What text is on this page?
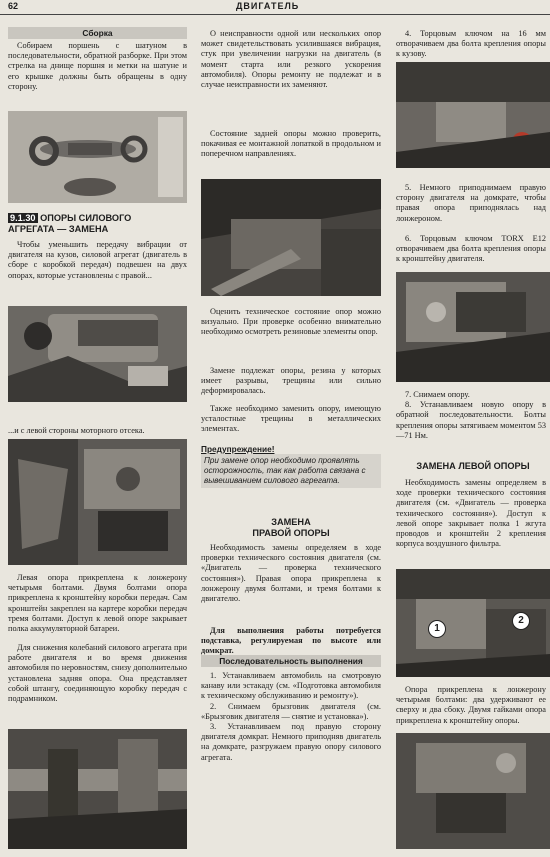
62	ДВИГАТЕЛЬ
Сборка

Собираем поршень с шатуном в последовательности, обратной разборке. При этом стрелка на днище поршня и метки на шатуне и его крышке должны быть обращены в одну сторону.

9.1.30 ОПОРЫ СИЛОВОГО
АГРЕГАТА — ЗАМЕНА

Чтобы уменьшить передачу вибрации от двигателя на кузов, силовой агрегат (двигатель в сборе с коробкой передач) подвешен на двух опорах, которые установлены с правой...

...и с левой стороны моторного отсека.

Левая опора прикреплена к лонжерону четырьмя болтами. Двумя болтами опора прикреплена к кронштейну коробки передач. Сам кронштейн закреплен на картере коробки передач тремя болтами. Доступ к левой опоре закрывает полка аккумуляторной батареи.

Для снижения колебаний силового агрегата при работе двигателя и во время движения автомобиля по неровностям, снизу дополнительно установлена задняя опора. Она представляет собой штангу, соединяющую коробку передач с подрамником.

О неисправности одной или нескольких опор может свидетельствовать усилившаяся вибрация, стук при увеличении нагрузки на двигатель (в момент старта или резкого ускорения автомобиля). Опоры ремонту не подлежат и в случае неисправности их заменяют.

Состояние задней опоры можно проверить, покачивая ее монтажной лопаткой в продольном и поперечном направлениях.

Оценить техническое состояние опор можно визуально. При проверке особенно внимательно необходимо осмотреть резиновые элементы опор.

Замене подлежат опоры, резина у которых имеет разрывы, трещины или сильно деформировалась.

Также необходимо заменить опору, имеющую усталостные трещины в металлических элементах.

Предупреждение!
При замене опор необходимо проявлять осторожность, так как работа связана с вывешиванием силового агрегата.
ЗАМЕНА
ПРАВОЙ ОПОРЫ

Необходимость замены определяем в ходе проверки технического состояния двигателя (см. «Двигатель — проверка технического состояния»). Правая опора прикреплена к лонжерону двумя болтами, и тремя болтами к двигателю.

Для выполнения работы потребуется подставка, регулируемая по высоте или домкрат.

Последовательность выполнения

1. Устанавливаем автомобиль на смотровую канаву или эстакаду (см. «Подготовка автомобиля к техническому обслуживанию и ремонту»).

2. Снимаем брызговик двигателя (см. «Брызговик двигателя — снятие и установка»).

3. Устанавливаем под правую сторону двигателя домкрат. Немного приподняв двигатель на домкрате, разгружаем правую опору силового агрегата.

4. Торцовым ключом на 16 мм отворачиваем два болта крепления опоры к кузову.

5. Немного приподнимаем правую сторону двигателя на домкрате, чтобы правая опора приподнялась над лонжероном.

6. Торцовым ключом TORX E12 отворачиваем два болта крепления опоры к кронштейну двигателя.

7. Снимаем опору.

8. Устанавливаем новую опору в обратной последовательности. Болты крепления опоры затягиваем моментом 53—71 Нм.

ЗАМЕНА ЛЕВОЙ ОПОРЫ

Необходимость замены определяем в ходе проверки технического состояния двигателя (см. «Двигатель — проверка технического состояния»). Доступ к левой опоре закрывает полка 1 жгута проводов и кронштейн 2 крепления корпуса воздушного фильтра.

1
2

Опора прикреплена к лонжерону четырьмя болтами: два удерживают ее сверху и два сбоку. Двумя гайками опора прикреплена к кронштейну опоры.
